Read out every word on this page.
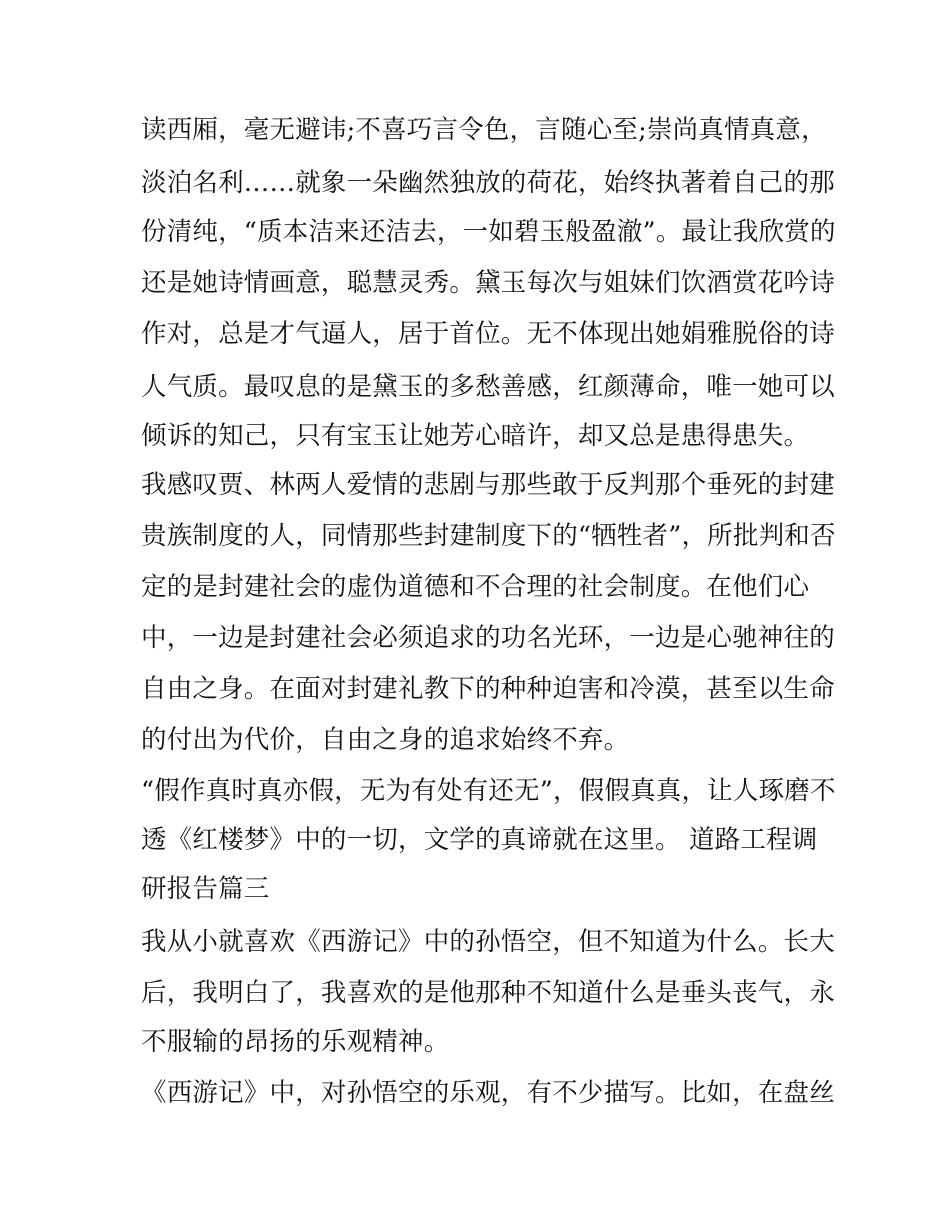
读西厢，毫无避讳;不喜巧言令色，言随心至;崇尚真情真意，
淡泊名利……就象一朵幽然独放的荷花，始终执著着自己的那
份清纯，“质本洁来还洁去，一如碧玉般盈澈”。最让我欣赏的
还是她诗情画意，聪慧灵秀。黛玉每次与姐妹们饮酒赏花吟诗
作对，总是才气逼人，居于首位。无不体现出她娟雅脱俗的诗
人气质。最叹息的是黛玉的多愁善感，红颜薄命，唯一她可以
倾诉的知己，只有宝玉让她芳心暗许，却又总是患得患失。
我感叹贾、林两人爱情的悲剧与那些敢于反判那个垂死的封建
贵族制度的人，同情那些封建制度下的“牺牲者”，所批判和否
定的是封建社会的虚伪道德和不合理的社会制度。在他们心
中，一边是封建社会必须追求的功名光环，一边是心驰神往的
自由之身。在面对封建礼教下的种种迫害和冷漠，甚至以生命
的付出为代价，自由之身的追求始终不弃。
“假作真时真亦假，无为有处有还无”，假假真真，让人琢磨不
透《红楼梦》中的一切，文学的真谛就在这里。 道路工程调
研报告篇三
我从小就喜欢《西游记》中的孙悟空，但不知道为什么。长大
后，我明白了，我喜欢的是他那种不知道什么是垂头丧气，永
不服输的昂扬的乐观精神。
《西游记》中，对孙悟空的乐观，有不少描写。比如，在盘丝
